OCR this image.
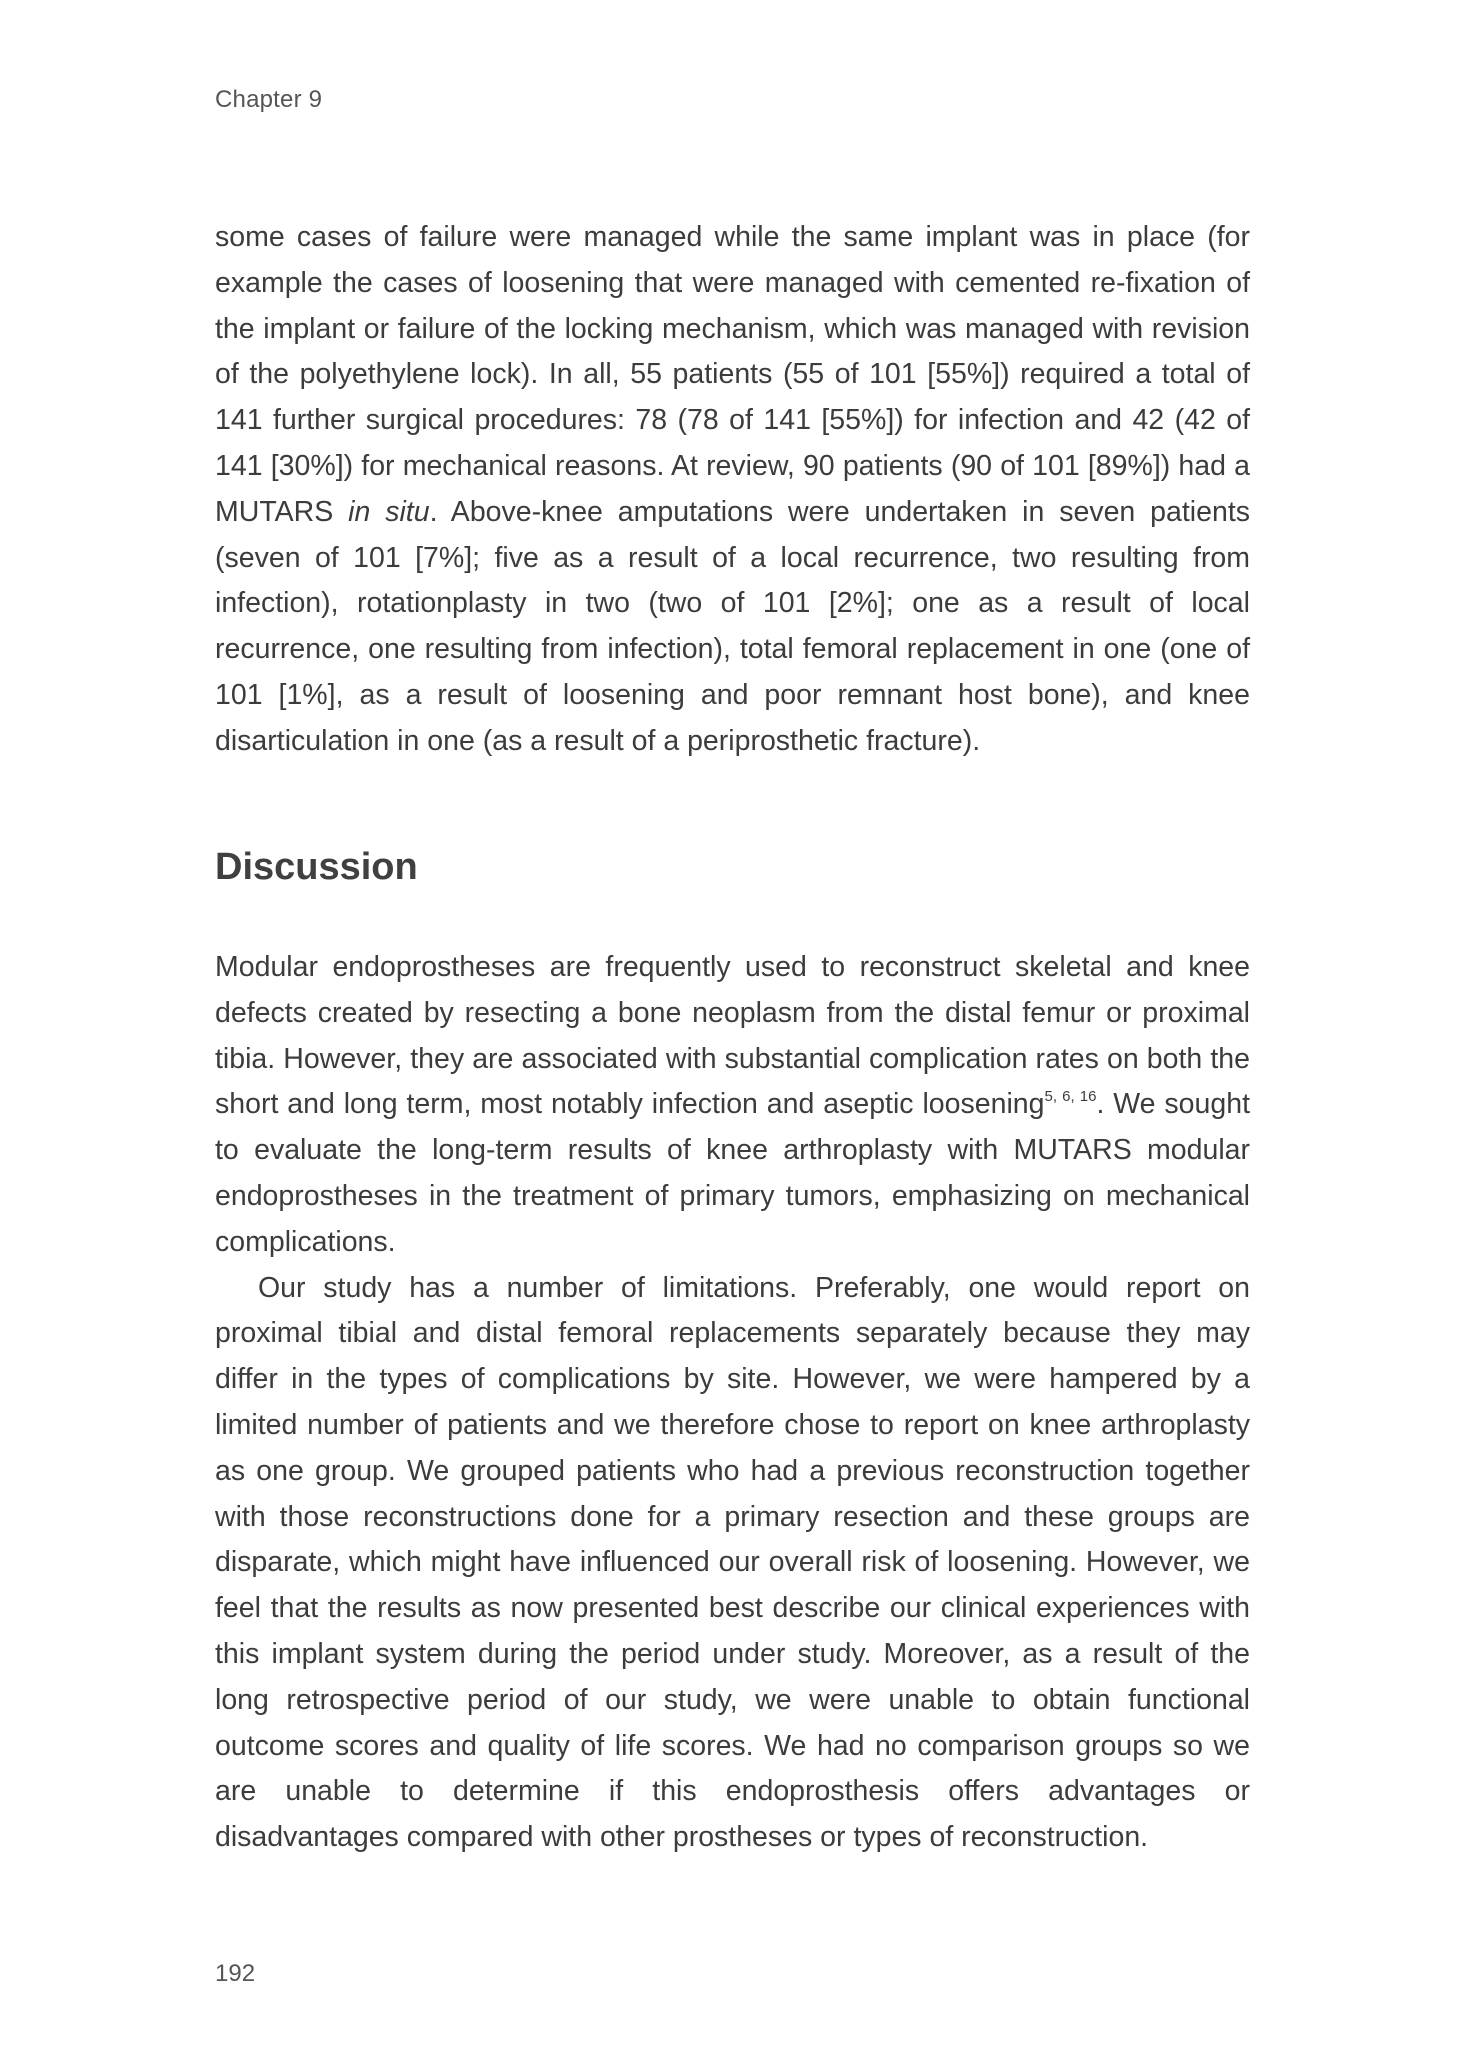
Chapter 9

some cases of failure were managed while the same implant was in place (for example the cases of loosening that were managed with cemented re-fixation of the implant or failure of the locking mechanism, which was managed with revision of the polyethylene lock). In all, 55 patients (55 of 101 [55%]) required a total of 141 further surgical procedures: 78 (78 of 141 [55%]) for infection and 42 (42 of 141 [30%]) for mechanical reasons. At review, 90 patients (90 of 101 [89%]) had a MUTARS in situ. Above-knee amputations were undertaken in seven patients (seven of 101 [7%]; five as a result of a local recurrence, two resulting from infection), rotationplasty in two (two of 101 [2%]; one as a result of local recurrence, one resulting from infection), total femoral replacement in one (one of 101 [1%], as a result of loosening and poor remnant host bone), and knee disarticulation in one (as a result of a periprosthetic fracture).

Discussion

Modular endoprostheses are frequently used to reconstruct skeletal and knee defects created by resecting a bone neoplasm from the distal femur or proximal tibia. However, they are associated with substantial complication rates on both the short and long term, most notably infection and aseptic loosening$^{5, 6, 16}$. We sought to evaluate the long-term results of knee arthroplasty with MUTARS modular endoprostheses in the treatment of primary tumors, emphasizing on mechanical complications.

Our study has a number of limitations. Preferably, one would report on proximal tibial and distal femoral replacements separately because they may differ in the types of complications by site. However, we were hampered by a limited number of patients and we therefore chose to report on knee arthroplasty as one group. We grouped patients who had a previous reconstruction together with those reconstructions done for a primary resection and these groups are disparate, which might have influenced our overall risk of loosening. However, we feel that the results as now presented best describe our clinical experiences with this implant system during the period under study. Moreover, as a result of the long retrospective period of our study, we were unable to obtain functional outcome scores and quality of life scores. We had no comparison groups so we are unable to determine if this endoprosthesis offers advantages or disadvantages compared with other prostheses or types of reconstruction.

192
